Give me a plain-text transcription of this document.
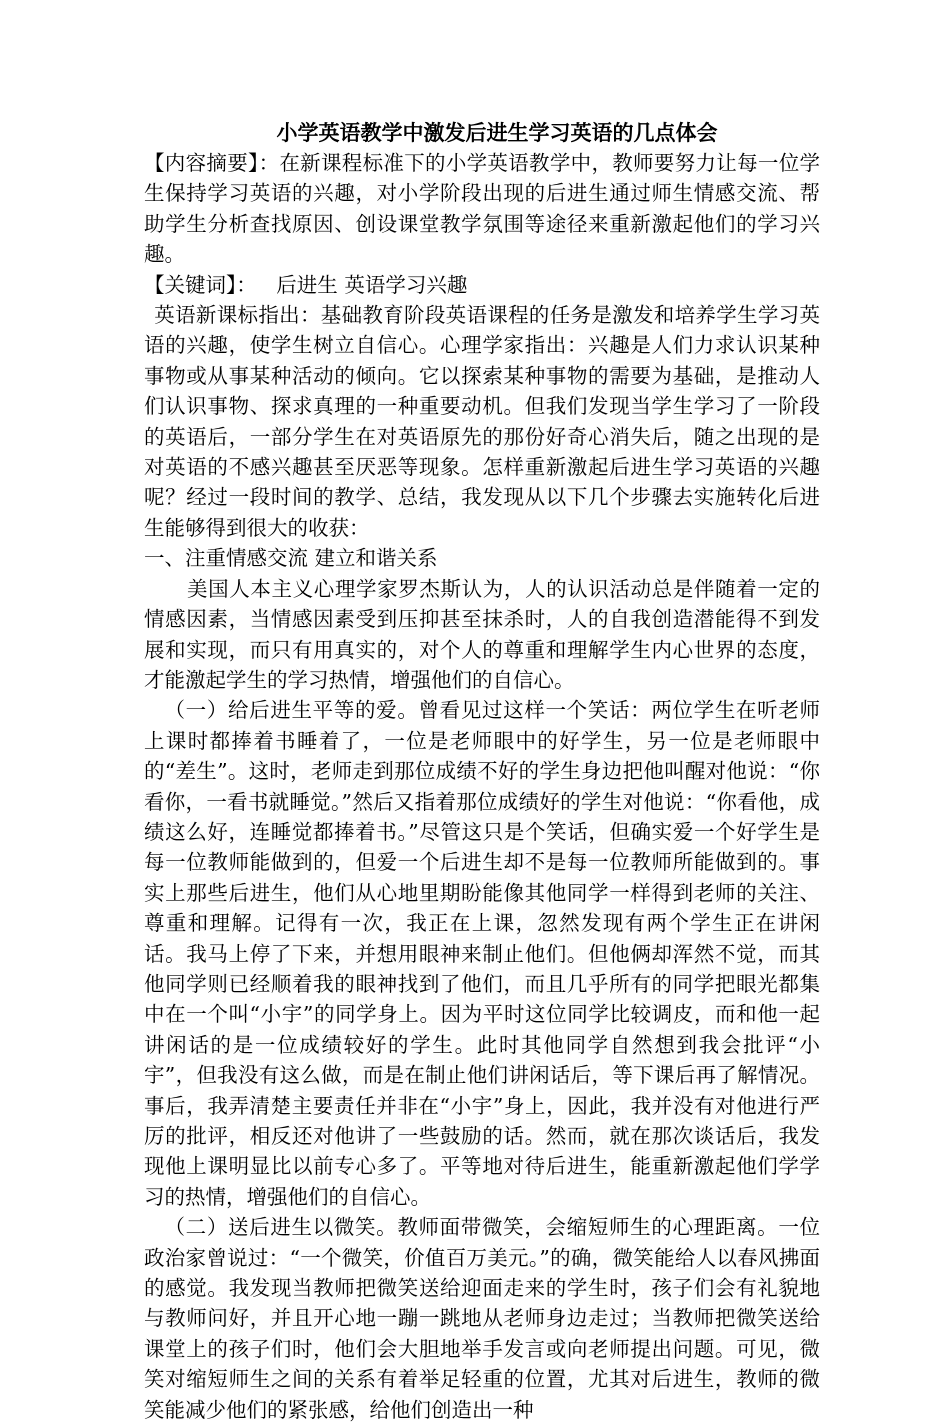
小学英语教学中激发后进生学习英语的几点体会

【内容摘要】：在新课程标准下的小学英语教学中，教师要努力让每一位学生保持学习英语的兴趣，对小学阶段出现的后进生通过师生情感交流、帮助学生分析查找原因、创设课堂教学氛围等途径来重新激起他们的学习兴趣。

【关键词】：   后进生 英语学习兴趣

英语新课标指出：基础教育阶段英语课程的任务是激发和培养学生学习英语的兴趣，使学生树立自信心。心理学家指出：兴趣是人们力求认识某种事物或从事某种活动的倾向。它以探索某种事物的需要为基础，是推动人们认识事物、探求真理的一种重要动机。但我们发现当学生学习了一阶段的英语后，一部分学生在对英语原先的那份好奇心消失后，随之出现的是对英语的不感兴趣甚至厌恶等现象。怎样重新激起后进生学习英语的兴趣呢？经过一段时间的教学、总结，我发现从以下几个步骤去实施转化后进生能够得到很大的收获：

一、注重情感交流 建立和谐关系

美国人本主义心理学家罗杰斯认为，人的认识活动总是伴随着一定的情感因素，当情感因素受到压抑甚至抹杀时，人的自我创造潜能得不到发展和实现，而只有用真实的，对个人的尊重和理解学生内心世界的态度，才能激起学生的学习热情，增强他们的自信心。

（一）给后进生平等的爱。曾看见过这样一个笑话：两位学生在听老师上课时都捧着书睡着了，一位是老师眼中的好学生，另一位是老师眼中的“差生”。这时，老师走到那位成绩不好的学生身边把他叫醒对他说：“你看你，一看书就睡觉。”然后又指着那位成绩好的学生对他说：“你看他，成绩这么好，连睡觉都捧着书。”尽管这只是个笑话，但确实爱一个好学生是每一位教师能做到的，但爱一个后进生却不是每一位教师所能做到的。事实上那些后进生，他们从心地里期盼能像其他同学一样得到老师的关注、尊重和理解。记得有一次，我正在上课，忽然发现有两个学生正在讲闲话。我马上停了下来，并想用眼神来制止他们。但他俩却浑然不觉，而其他同学则已经顺着我的眼神找到了他们，而且几乎所有的同学把眼光都集中在一个叫“小宇”的同学身上。因为平时这位同学比较调皮，而和他一起讲闲话的是一位成绩较好的学生。此时其他同学自然想到我会批评“小宇”，但我没有这么做，而是在制止他们讲闲话后，等下课后再了解情况。事后，我弄清楚主要责任并非在“小宇”身上，因此，我并没有对他进行严厉的批评，相反还对他讲了一些鼓励的话。然而，就在那次谈话后，我发现他上课明显比以前专心多了。平等地对待后进生，能重新激起他们学学习的热情，增强他们的自信心。

（二）送后进生以微笑。教师面带微笑，会缩短师生的心理距离。一位政治家曾说过：“一个微笑，价值百万美元。”的确，微笑能给人以春风拂面的感觉。我发现当教师把微笑送给迎面走来的学生时，孩子们会有礼貌地与教师问好，并且开心地一蹦一跳地从老师身边走过；当教师把微笑送给课堂上的孩子们时，他们会大胆地举手发言或向老师提出问题。可见，微笑对缩短师生之间的关系有着举足轻重的位置，尤其对后进生，教师的微笑能减少他们的紧张感，给他们创造出一种
